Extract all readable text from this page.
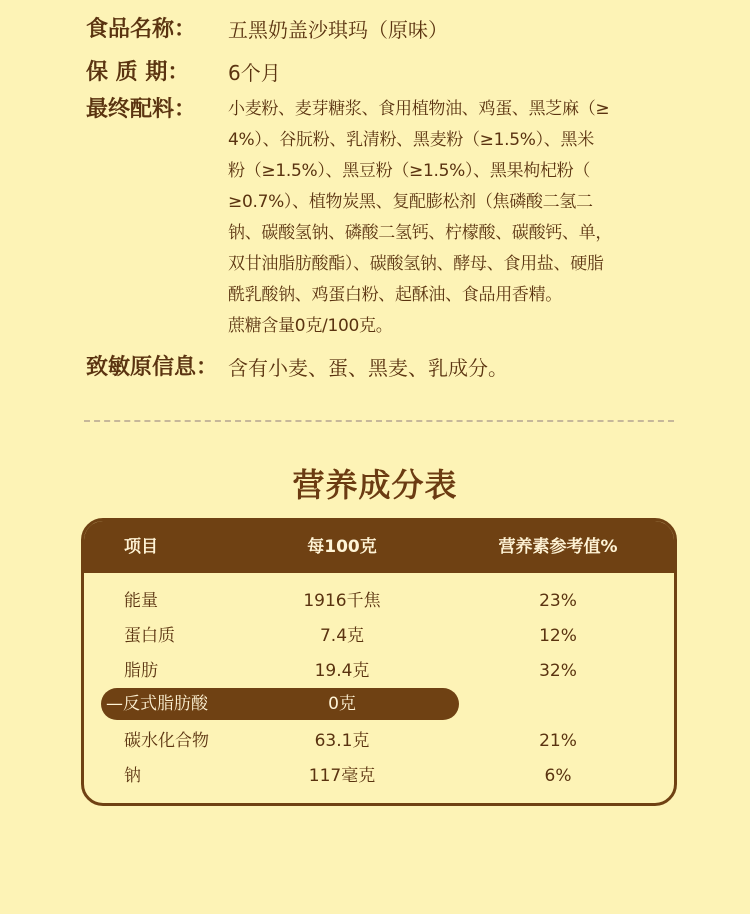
食品名称：	五黑奶盖沙琪玛（原味）
保 质 期：	6个月
最终配料：	小麦粉、麦芽糖浆、食用植物油、鸡蛋、黑芝麻（≥
4%）、谷朊粉、乳清粉、黑麦粉（≥1.5%）、黑米
粉（≥1.5%）、黑豆粉（≥1.5%）、黑果枸杞粉（
≥0.7%）、植物炭黑、复配膨松剂（焦磷酸二氢二
钠、碳酸氢钠、磷酸二氢钙、柠檬酸、碳酸钙、单，
双甘油脂肪酸酯）、碳酸氢钠、酵母、食用盐、硬脂
酰乳酸钠、鸡蛋白粉、起酥油、食品用香精。
蔗糖含量0克/100克。
致敏原信息： 含有小麦、蛋、黑麦、乳成分。
营养成分表
项目	每100克	营养素参考值%
能量	1916千焦	23%
蛋白质	7.4克	12%
脂肪	19.4克	32%
—反式脂肪酸	0克
碳水化合物	63.1克	21%
钠	117毫克	6%
